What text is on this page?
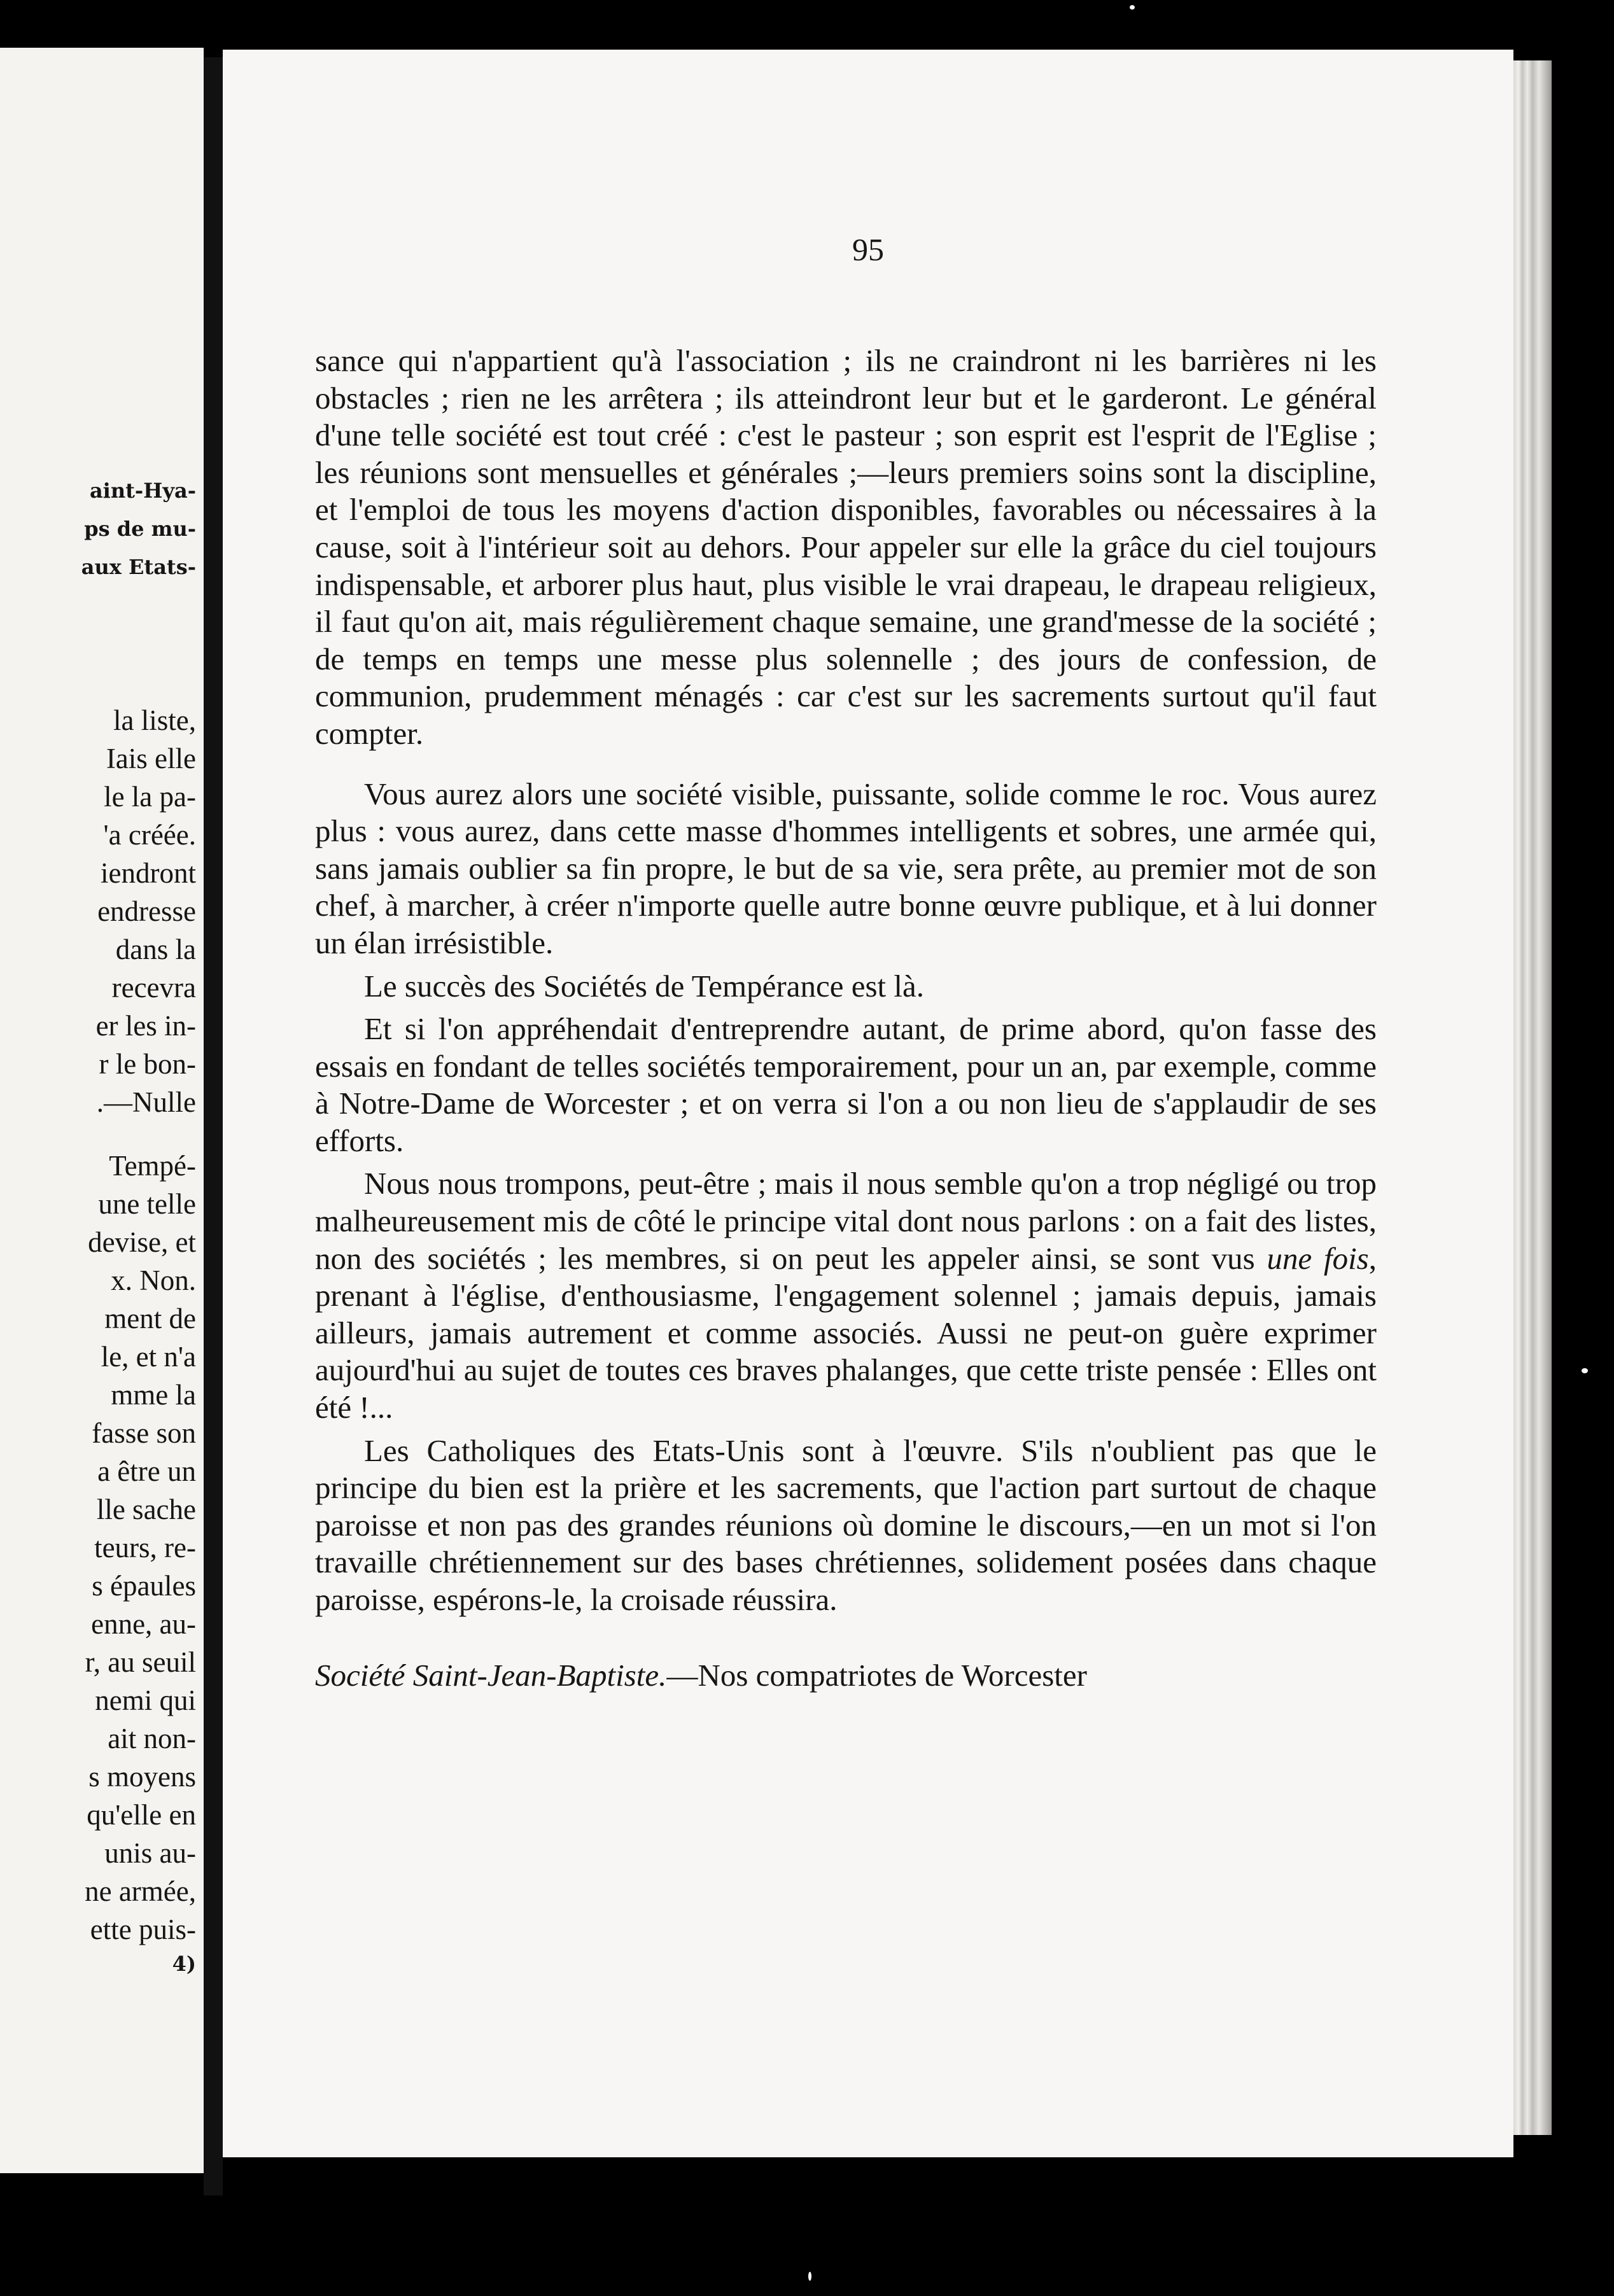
aint-Hya-
ps de mu-
aux Etats-
la liste,
Iais elle
le la pa-
'a créée.
iendront
endresse
dans la
recevra
er les in-
r le bon-
.—Nulle
Tempé-
une telle
devise, et
x. Non.
ment de
le, et n'a
mme la
fasse son
a être un
lle sache
teurs, re-
s épaules
enne, au-
r, au seuil
nemi qui
ait non-
s moyens
qu'elle en
unis au-
ne armée,
ette puis-
4)
95

sance qui n'appartient qu'à l'association ; ils ne craindront ni les barrières ni les obstacles ; rien ne les arrêtera ; ils atteindront leur but et le garderont. Le général d'une telle société est tout créé : c'est le pasteur ; son esprit est l'esprit de l'Eglise ; les réunions sont mensuelles et générales ;—leurs premiers soins sont la discipline, et l'emploi de tous les moyens d'action disponibles, favorables ou nécessaires à la cause, soit à l'intérieur soit au dehors. Pour appeler sur elle la grâce du ciel toujours indispensable, et arborer plus haut, plus visible le vrai drapeau, le drapeau religieux, il faut qu'on ait, mais régulièrement chaque semaine, une grand'messe de la société ; de temps en temps une messe plus solennelle ; des jours de confession, de communion, prudemment ménagés : car c'est sur les sacrements surtout qu'il faut compter.

Vous aurez alors une société visible, puissante, solide comme le roc. Vous aurez plus : vous aurez, dans cette masse d'hommes intelligents et sobres, une armée qui, sans jamais oublier sa fin propre, le but de sa vie, sera prête, au premier mot de son chef, à marcher, à créer n'importe quelle autre bonne œuvre publique, et à lui donner un élan irrésistible.

Le succès des Sociétés de Tempérance est là.

Et si l'on appréhendait d'entreprendre autant, de prime abord, qu'on fasse des essais en fondant de telles sociétés temporairement, pour un an, par exemple, comme à Notre-Dame de Worcester ; et on verra si l'on a ou non lieu de s'applaudir de ses efforts.

Nous nous trompons, peut-être ; mais il nous semble qu'on a trop négligé ou trop malheureusement mis de côté le principe vital dont nous parlons : on a fait des listes, non des sociétés ; les membres, si on peut les appeler ainsi, se sont vus une fois, prenant à l'église, d'enthousiasme, l'engagement solennel ; jamais depuis, jamais ailleurs, jamais autrement et comme associés. Aussi ne peut-on guère exprimer aujourd'hui au sujet de toutes ces braves phalanges, que cette triste pensée : Elles ont été !...

Les Catholiques des Etats-Unis sont à l'œuvre. S'ils n'oublient pas que le principe du bien est la prière et les sacrements, que l'action part surtout de chaque paroisse et non pas des grandes réunions où domine le discours,—en un mot si l'on travaille chrétiennement sur des bases chrétiennes, solidement posées dans chaque paroisse, espérons-le, la croisade réussira.

Société Saint-Jean-Baptiste.—Nos compatriotes de Worcester
